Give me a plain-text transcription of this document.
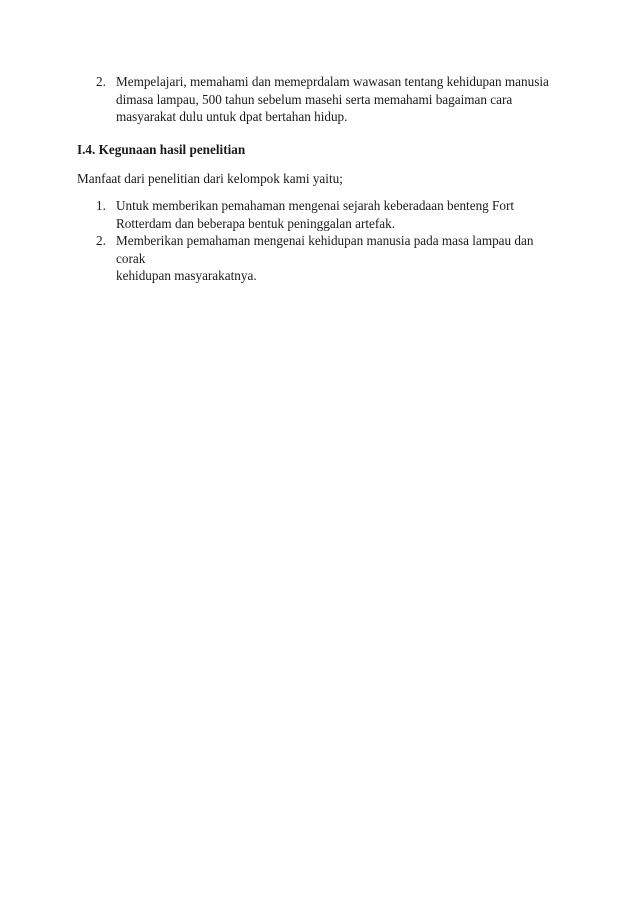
2. Mempelajari, memahami dan memeprdalam wawasan tentang kehidupan manusia
dimasa lampau, 500 tahun sebelum masehi serta memahami bagaiman cara
masyarakat dulu untuk dpat bertahan hidup.
I.4. Kegunaan hasil penelitian

Manfaat dari penelitian dari kelompok kami yaitu;

1. Untuk memberikan pemahaman mengenai sejarah keberadaan benteng Fort
Rotterdam dan beberapa bentuk peninggalan artefak.
2. Memberikan pemahaman mengenai kehidupan manusia pada masa lampau dan corak
kehidupan masyarakatnya.
